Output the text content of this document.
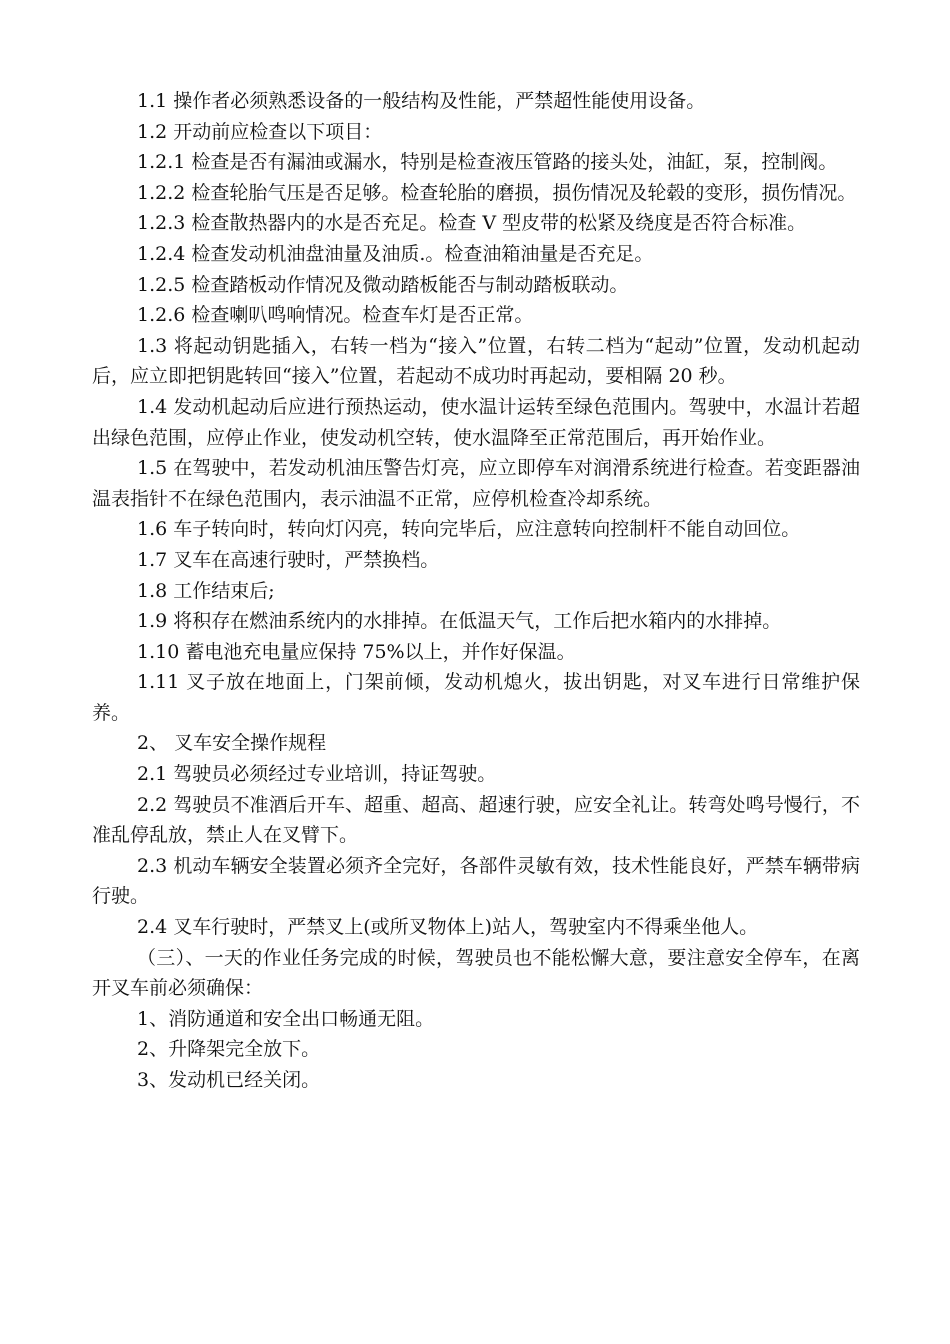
1.1 操作者必须熟悉设备的一般结构及性能，严禁超性能使用设备。

1.2 开动前应检查以下项目：

1.2.1 检查是否有漏油或漏水，特别是检查液压管路的接头处，油缸，泵，控制阀。

1.2.2 检查轮胎气压是否足够。检查轮胎的磨损，损伤情况及轮毂的变形，损伤情况。

1.2.3 检查散热器内的水是否充足。检查 V 型皮带的松紧及绕度是否符合标准。

1.2.4 检查发动机油盘油量及油质.。检查油箱油量是否充足。

1.2.5 检查踏板动作情况及微动踏板能否与制动踏板联动。

1.2.6 检查喇叭鸣响情况。检查车灯是否正常。

1.3 将起动钥匙插入，右转一档为“接入”位置，右转二档为“起动”位置，发动机起动后，应立即把钥匙转回“接入”位置，若起动不成功时再起动，要相隔 20 秒。

1.4 发动机起动后应进行预热运动，使水温计运转至绿色范围内。驾驶中，水温计若超出绿色范围，应停止作业，使发动机空转，使水温降至正常范围后，再开始作业。

1.5 在驾驶中，若发动机油压警告灯亮，应立即停车对润滑系统进行检查。若变距器油温表指针不在绿色范围内，表示油温不正常，应停机检查冷却系统。

1.6 车子转向时，转向灯闪亮，转向完毕后，应注意转向控制杆不能自动回位。

1.7 叉车在高速行驶时，严禁换档。

1.8 工作结束后;

1.9 将积存在燃油系统内的水排掉。在低温天气，工作后把水箱内的水排掉。

1.10 蓄电池充电量应保持 75%以上，并作好保温。

1.11 叉子放在地面上，门架前倾，发动机熄火，拔出钥匙，对叉车进行日常维护保养。

2、 叉车安全操作规程

2.1 驾驶员必须经过专业培训，持证驾驶。

2.2 驾驶员不准酒后开车、超重、超高、超速行驶，应安全礼让。转弯处鸣号慢行，不准乱停乱放，禁止人在叉臂下。

2.3 机动车辆安全装置必须齐全完好，各部件灵敏有效，技术性能良好，严禁车辆带病行驶。

2.4 叉车行驶时，严禁叉上(或所叉物体上)站人，驾驶室内不得乘坐他人。

（三）、一天的作业任务完成的时候，驾驶员也不能松懈大意，要注意安全停车，在离开叉车前必须确保：

1、消防通道和安全出口畅通无阻。

2、升降架完全放下。

3、发动机已经关闭。
